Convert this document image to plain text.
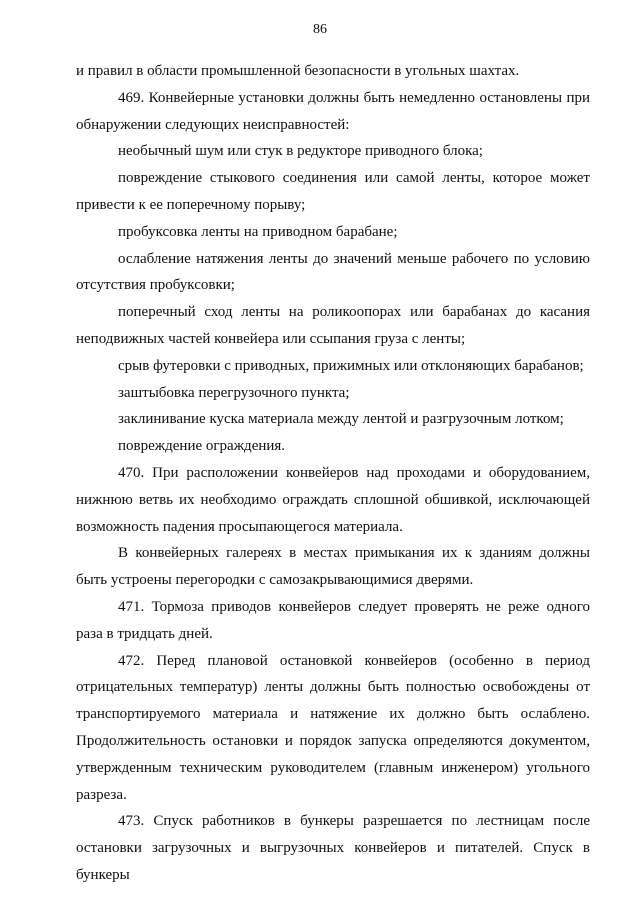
86

и правил в области промышленной безопасности в угольных шахтах.

469. Конвейерные установки должны быть немедленно остановлены при обнаружении следующих неисправностей:

необычный шум или стук в редукторе приводного блока;

повреждение стыкового соединения или самой ленты, которое может привести к ее поперечному порыву;

пробуксовка ленты на приводном барабане;

ослабление натяжения ленты до значений меньше рабочего по условию отсутствия пробуксовки;

поперечный сход ленты на роликоопорах или барабанах до касания неподвижных частей конвейера или ссыпания груза с ленты;

срыв футеровки с приводных, прижимных или отклоняющих барабанов;

заштыбовка перегрузочного пункта;

заклинивание куска материала между лентой и разгрузочным лотком;

повреждение ограждения.

470. При расположении конвейеров над проходами и оборудованием, нижнюю ветвь их необходимо ограждать сплошной обшивкой, исключающей возможность падения просыпающегося материала.

В конвейерных галереях в местах примыкания их к зданиям должны быть устроены перегородки с самозакрывающимися дверями.

471. Тормоза приводов конвейеров следует проверять не реже одного раза в тридцать дней.

472. Перед плановой остановкой конвейеров (особенно в период отрицательных температур) ленты должны быть полностью освобождены от транспортируемого материала и натяжение их должно быть ослаблено. Продолжительность остановки и порядок запуска определяются документом, утвержденным техническим руководителем (главным инженером) угольного разреза.

473. Спуск работников в бункеры разрешается по лестницам после остановки загрузочных и выгрузочных конвейеров и питателей. Спуск в бункеры
